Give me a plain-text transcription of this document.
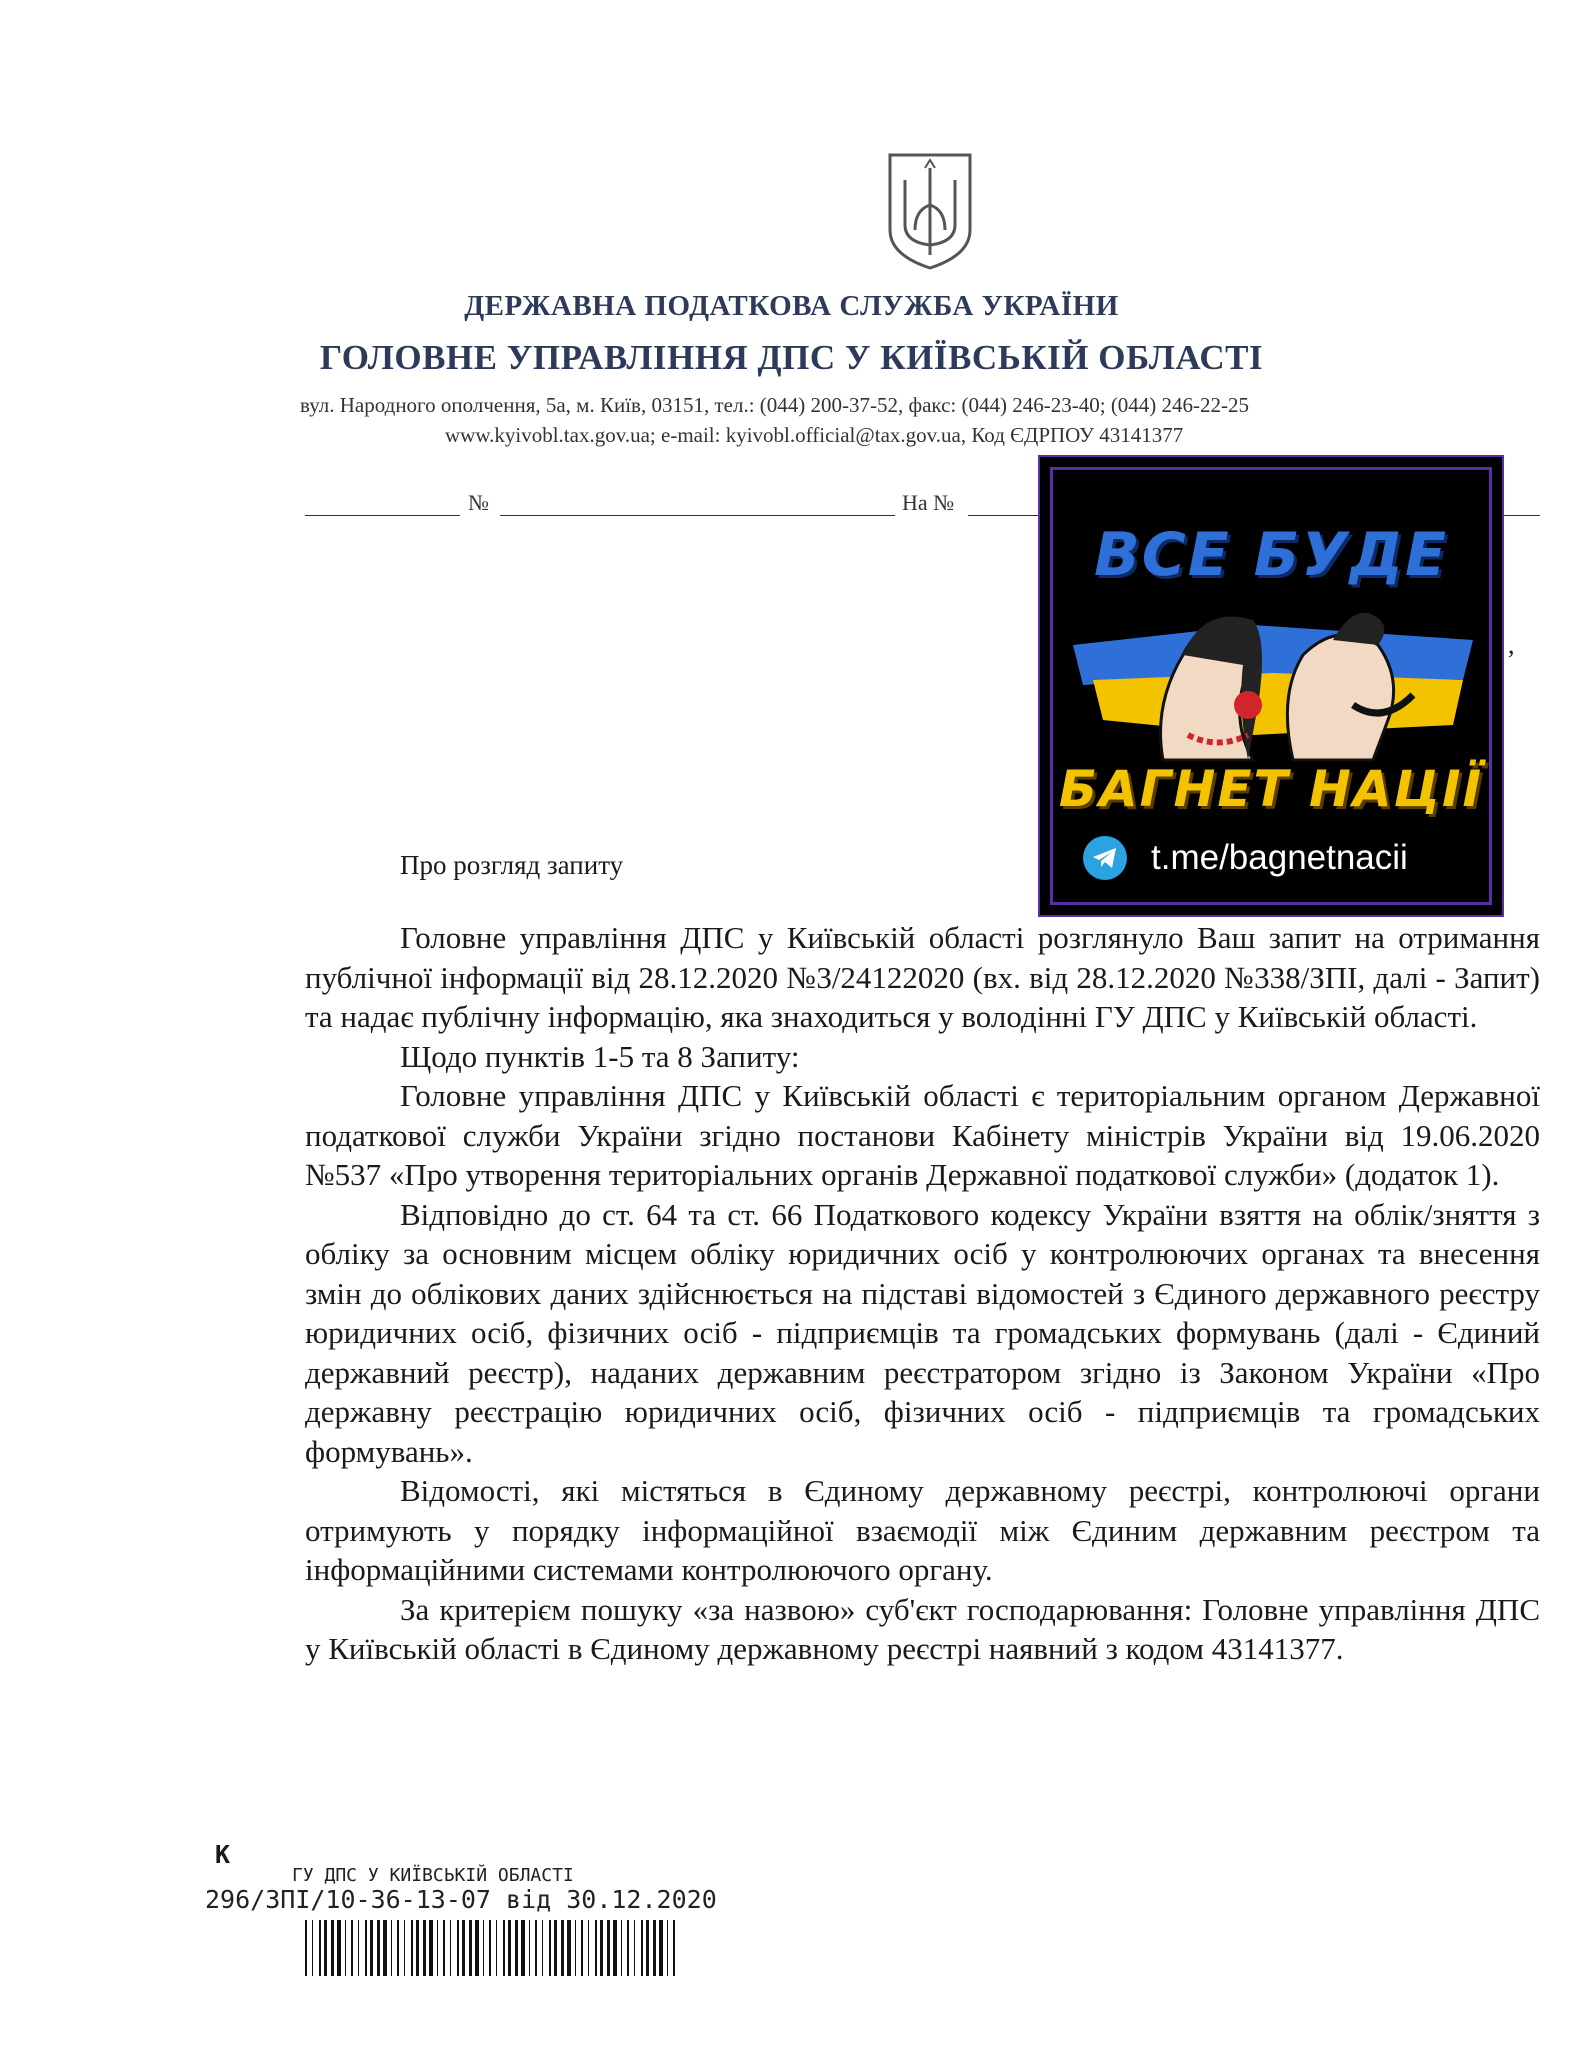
ДЕРЖАВНА ПОДАТКОВА СЛУЖБА УКРАЇНИ
ГОЛОВНЕ УПРАВЛІННЯ ДПС У КИЇВСЬКІЙ ОБЛАСТІ
вул. Народного ополчення, 5а, м. Київ, 03151, тел.: (044) 200-37-52, факс: (044) 246-23-40; (044) 246-22-25
www.kyivobl.tax.gov.ua; e-mail: kyivobl.official@tax.gov.ua, Код ЄДРПОУ 43141377
№	На №
,
Про розгляд запиту

Головне управління ДПС у Київській області розглянуло Ваш запит на отримання публічної інформації від 28.12.2020 №3/24122020 (вх. від 28.12.2020 №338/ЗПІ, далі - Запит) та надає публічну інформацію, яка знаходиться у володінні ГУ ДПС у Київській області.

Щодо пунктів 1-5 та 8 Запиту:

Головне управління ДПС у Київській області є територіальним органом Державної податкової служби України згідно постанови Кабінету міністрів України від 19.06.2020 №537 «Про утворення територіальних органів Державної податкової служби» (додаток 1).

Відповідно до ст. 64 та ст. 66 Податкового кодексу України взяття на облік/зняття з обліку за основним місцем обліку юридичних осіб у контролюючих органах та внесення змін до облікових даних здійснюється на підставі відомостей з Єдиного державного реєстру юридичних осіб, фізичних осіб - підприємців та громадських формувань (далі - Єдиний державний реєстр), наданих державним реєстратором згідно із Законом України «Про державну реєстрацію юридичних осіб, фізичних осіб - підприємців та громадських формувань».

Відомості, які містяться в Єдиному державному реєстрі, контролюючі органи отримують у порядку інформаційної взаємодії між Єдиним державним реєстром та інформаційними системами контролюючого органу.

За критерієм пошуку «за назвою» суб'єкт господарювання: Головне управління ДПС у Київській області в Єдиному державному реєстрі наявний з кодом 43141377.

ВСЕ БУДЕ
БАГНЕТ НАЦІЇ
t.me/bagnetnacii
К
ГУ ДПС У КИЇВСЬКІЙ ОБЛАСТІ
296/ЗПІ/10-36-13-07 від 30.12.2020
